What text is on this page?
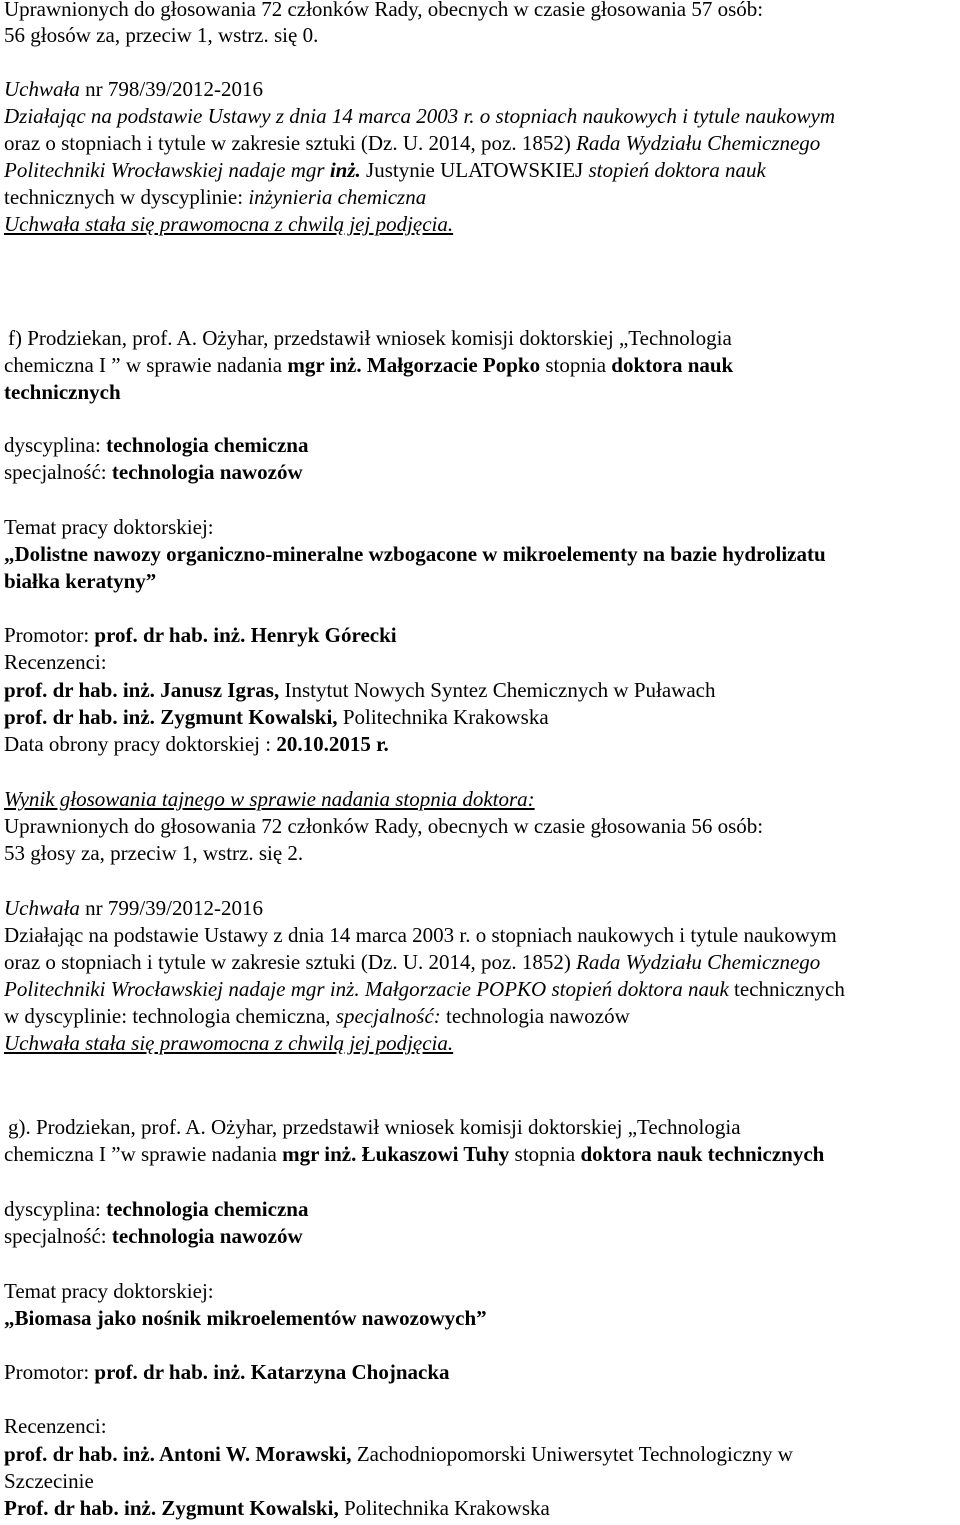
Uprawnionych do głosowania 72 członków Rady, obecnych w czasie głosowania 57 osób:
56 głosów za, przeciw 1, wstrz. się 0.
Uchwała nr 798/39/2012-2016
Działając na podstawie Ustawy z dnia 14 marca 2003 r. o stopniach naukowych i tytule naukowym
oraz o stopniach i tytule w zakresie sztuki (Dz. U. 2014, poz. 1852) Rada Wydziału Chemicznego
Politechniki Wrocławskiej nadaje mgr inż. Justynie ULATOWSKIEJ stopień doktora nauk
technicznych w dyscyplinie: inżynieria chemiczna
Uchwała stała się prawomocna z chwilą jej podjęcia.
f) Prodziekan, prof. A. Ożyhar, przedstawił wniosek komisji doktorskiej „Technologia
chemiczna I ” w sprawie nadania mgr inż. Małgorzacie Popko stopnia doktora nauk
technicznych
dyscyplina: technologia chemiczna
specjalność: technologia nawozów
Temat pracy doktorskiej:
„Dolistne nawozy organiczno-mineralne wzbogacone w mikroelementy na bazie hydrolizatu
białka keratyny”
Promotor: prof. dr hab. inż. Henryk Górecki
Recenzenci:
prof. dr hab. inż. Janusz Igras, Instytut Nowych Syntez Chemicznych w Puławach
prof. dr hab. inż. Zygmunt Kowalski, Politechnika Krakowska
Data obrony pracy doktorskiej : 20.10.2015 r.
Wynik głosowania tajnego w sprawie nadania stopnia doktora:
Uprawnionych do głosowania 72 członków Rady, obecnych w czasie głosowania 56 osób:
53 głosy za, przeciw 1, wstrz. się 2.
Uchwała nr 799/39/2012-2016
Działając na podstawie Ustawy z dnia 14 marca 2003 r. o stopniach naukowych i tytule naukowym
oraz o stopniach i tytule w zakresie sztuki (Dz. U. 2014, poz. 1852) Rada Wydziału Chemicznego
Politechniki Wrocławskiej nadaje mgr inż. Małgorzacie POPKO stopień doktora nauk technicznych
w dyscyplinie: technologia chemiczna, specjalność: technologia nawozów
Uchwała stała się prawomocna z chwilą jej podjęcia.
g). Prodziekan, prof. A. Ożyhar, przedstawił wniosek komisji doktorskiej „Technologia
chemiczna I ”w sprawie nadania mgr inż. Łukaszowi Tuhy stopnia doktora nauk technicznych
dyscyplina: technologia chemiczna
specjalność: technologia nawozów
Temat pracy doktorskiej:
„Biomasa jako nośnik mikroelementów nawozowych”
Promotor: prof. dr hab. inż. Katarzyna Chojnacka
Recenzenci:
prof. dr hab. inż. Antoni W. Morawski, Zachodniopomorski Uniwersytet Technologiczny w
Szczecinie
Prof. dr hab. inż. Zygmunt Kowalski, Politechnika Krakowska
